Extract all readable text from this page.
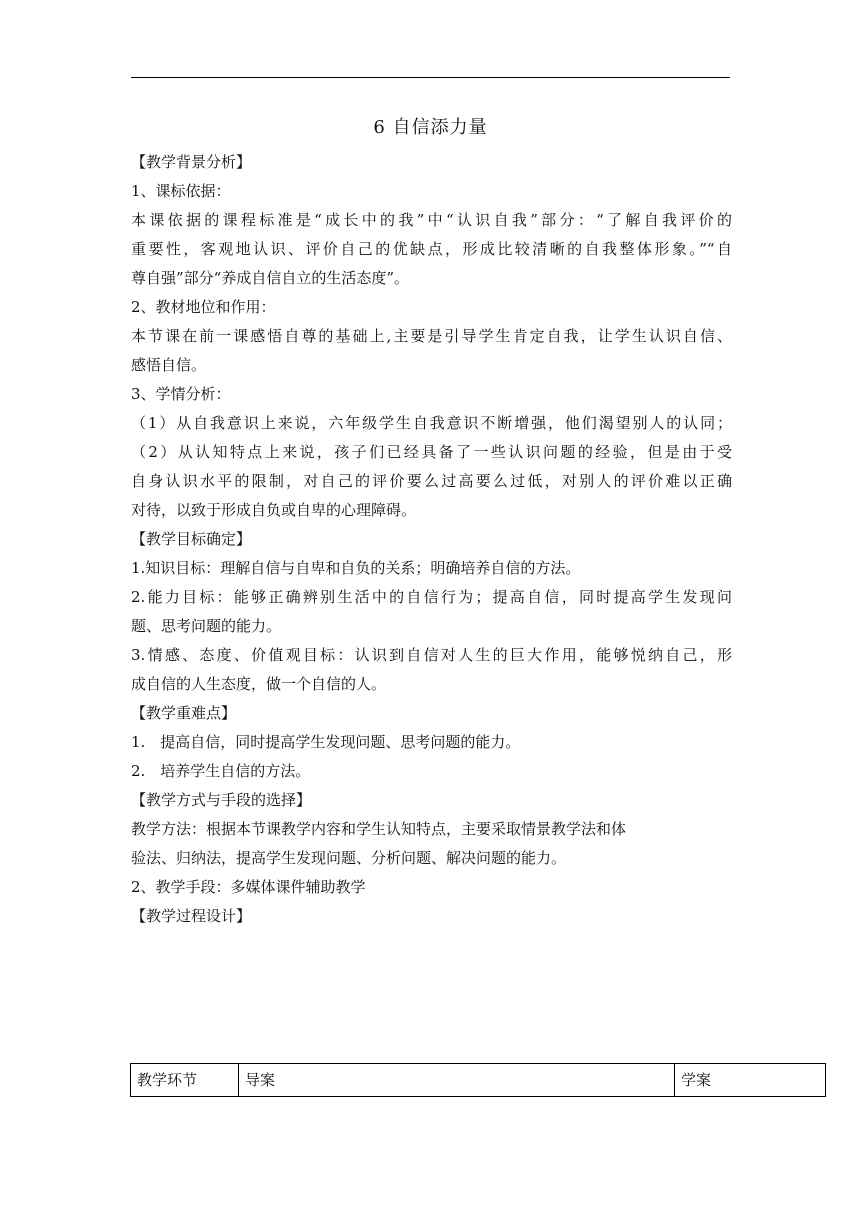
6 自信添力量
【教学背景分析】
1、课标依据：
本课依据的课程标准是“成长中的我”中“认识自我”部分：“了解自我评价的
重要性，客观地认识、评价自己的优缺点，形成比较清晰的自我整体形象。”“自
尊自强”部分“养成自信自立的生活态度”。
2、教材地位和作用：
本节课在前一课感悟自尊的基础上,主要是引导学生肯定自我，让学生认识自信、
感悟自信。
3、学情分析：
（1）从自我意识上来说，六年级学生自我意识不断增强，他们渴望别人的认同；
（2）从认知特点上来说，孩子们已经具备了一些认识问题的经验，但是由于受
自身认识水平的限制，对自己的评价要么过高要么过低，对别人的评价难以正确
对待，以致于形成自负或自卑的心理障碍。
【教学目标确定】
1.知识目标：理解自信与自卑和自负的关系；明确培养自信的方法。
2.能力目标：能够正确辨别生活中的自信行为；提高自信，同时提高学生发现问
题、思考问题的能力。
3.情感、态度、价值观目标：认识到自信对人生的巨大作用，能够悦纳自己，形
成自信的人生态度，做一个自信的人。
【教学重难点】
1.　提高自信，同时提高学生发现问题、思考问题的能力。
2.　培养学生自信的方法。
【教学方式与手段的选择】
教学方法：根据本节课教学内容和学生认知特点，主要采取情景教学法和体
验法、归纳法，提高学生发现问题、分析问题、解决问题的能力。
2、教学手段：多媒体课件辅助教学
【教学过程设计】
教学环节	导案	学案
